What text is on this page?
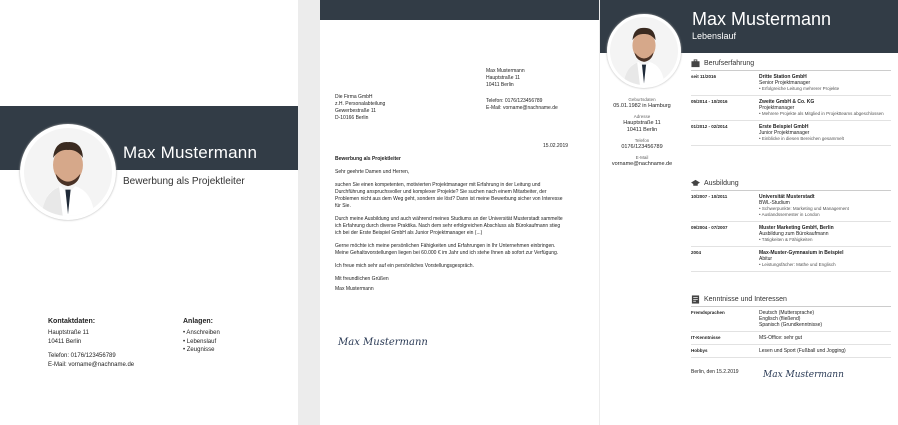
Max Mustermann
Bewerbung als Projektleiter
Kontaktdaten:
Hauptstraße 11
10411 Berlin
Telefon: 0176/123456789
E-Mail: vorname@nachname.de
Anlagen:
• Anschreiben
• Lebenslauf
• Zeugnisse
Max Mustermann
Hauptstraße 11
10411 Berlin
Die Firma GmbH
z.H. Personalabteilung
Gewerbestraße 11
D-10166 Berlin
Telefon: 0176/123456789
E-Mail: vorname@nachname.de
15.02.2019

Bewerbung als Projektleiter

Sehr geehrte Damen und Herren,

suchen Sie einen kompetenten, motivierten Projektmanager mit Erfahrung in der Leitung und Durchführung anspruchsvoller und komplexer Projekte? Sie suchen nach einem Mitarbeiter, der Problemen nicht aus dem Weg geht, sondern sie löst? Dann ist meine Bewerbung sicher von Interesse für Sie.

Durch meine Ausbildung und auch während meines Studiums an der Universität Musterstadt sammelte ich Erfahrung durch diverse Praktika. Nach dem sehr erfolgreichen Abschluss als Bürokaufmann stieg ich bei der Erste Beispiel GmbH als Junior Projektmanager ein (...)

Gerne möchte ich meine persönlichen Fähigkeiten und Erfahrungen in Ihr Unternehmen einbringen. Meine Gehaltsvorstellungen liegen bei 60.000 € im Jahr und ich stehe Ihnen ab sofort zur Verfügung.

Ich freue mich sehr auf ein persönliches Vorstellungsgespräch.

Mit freundlichen Grüßen

Max Mustermann

Max Mustermann
Max Mustermann
Lebenslauf
Geburtsdaten
05.01.1982 in Hamburg
Adresse
Hauptstraße 11
10411 Berlin
Telefon
0176/123456789
E-Mail
vorname@nachname.de
Berufserfahrung
seit 11/2016	Dritte Station GmbH
Senior Projektmanager
• Erfolgreiche Leitung mehrerer Projekte
05/2014 - 10/2016	Zweite GmbH & Co. KG
Projektmanager
• Mehrere Projekte als Mitglied in Projektteams abgeschlossen
01/2012 - 02/2014	Erste Beispiel GmbH
Junior Projektmanager
• Einblicke in diesen Bereichen gesammelt
Ausbildung
10/2007 - 10/2011	Universität Musterstadt
BWL-Studium
• Schwerpunkte: Marketing und Management
• Auslandssemester in London
09/2004 - 07/2007	Muster Marketing GmbH, Berlin
Ausbildung zum Bürokaufmann
• Tätigkeiten & Fähigkeiten
2004	Max-Muster-Gymnasium in Beispiel
Abitur
• Leistungsfächer: Mathe und Englisch
Kenntnisse und Interessen
Fremdsprachen	Deutsch (Muttersprache)
Englisch (fließend)
Spanisch (Grundkenntnisse)
IT-Kenntnisse	MS-Office: sehr gut
Hobbys	Lesen und Sport (Fußball und Jogging)
Berlin, den 15.2.2019	Max Mustermann
